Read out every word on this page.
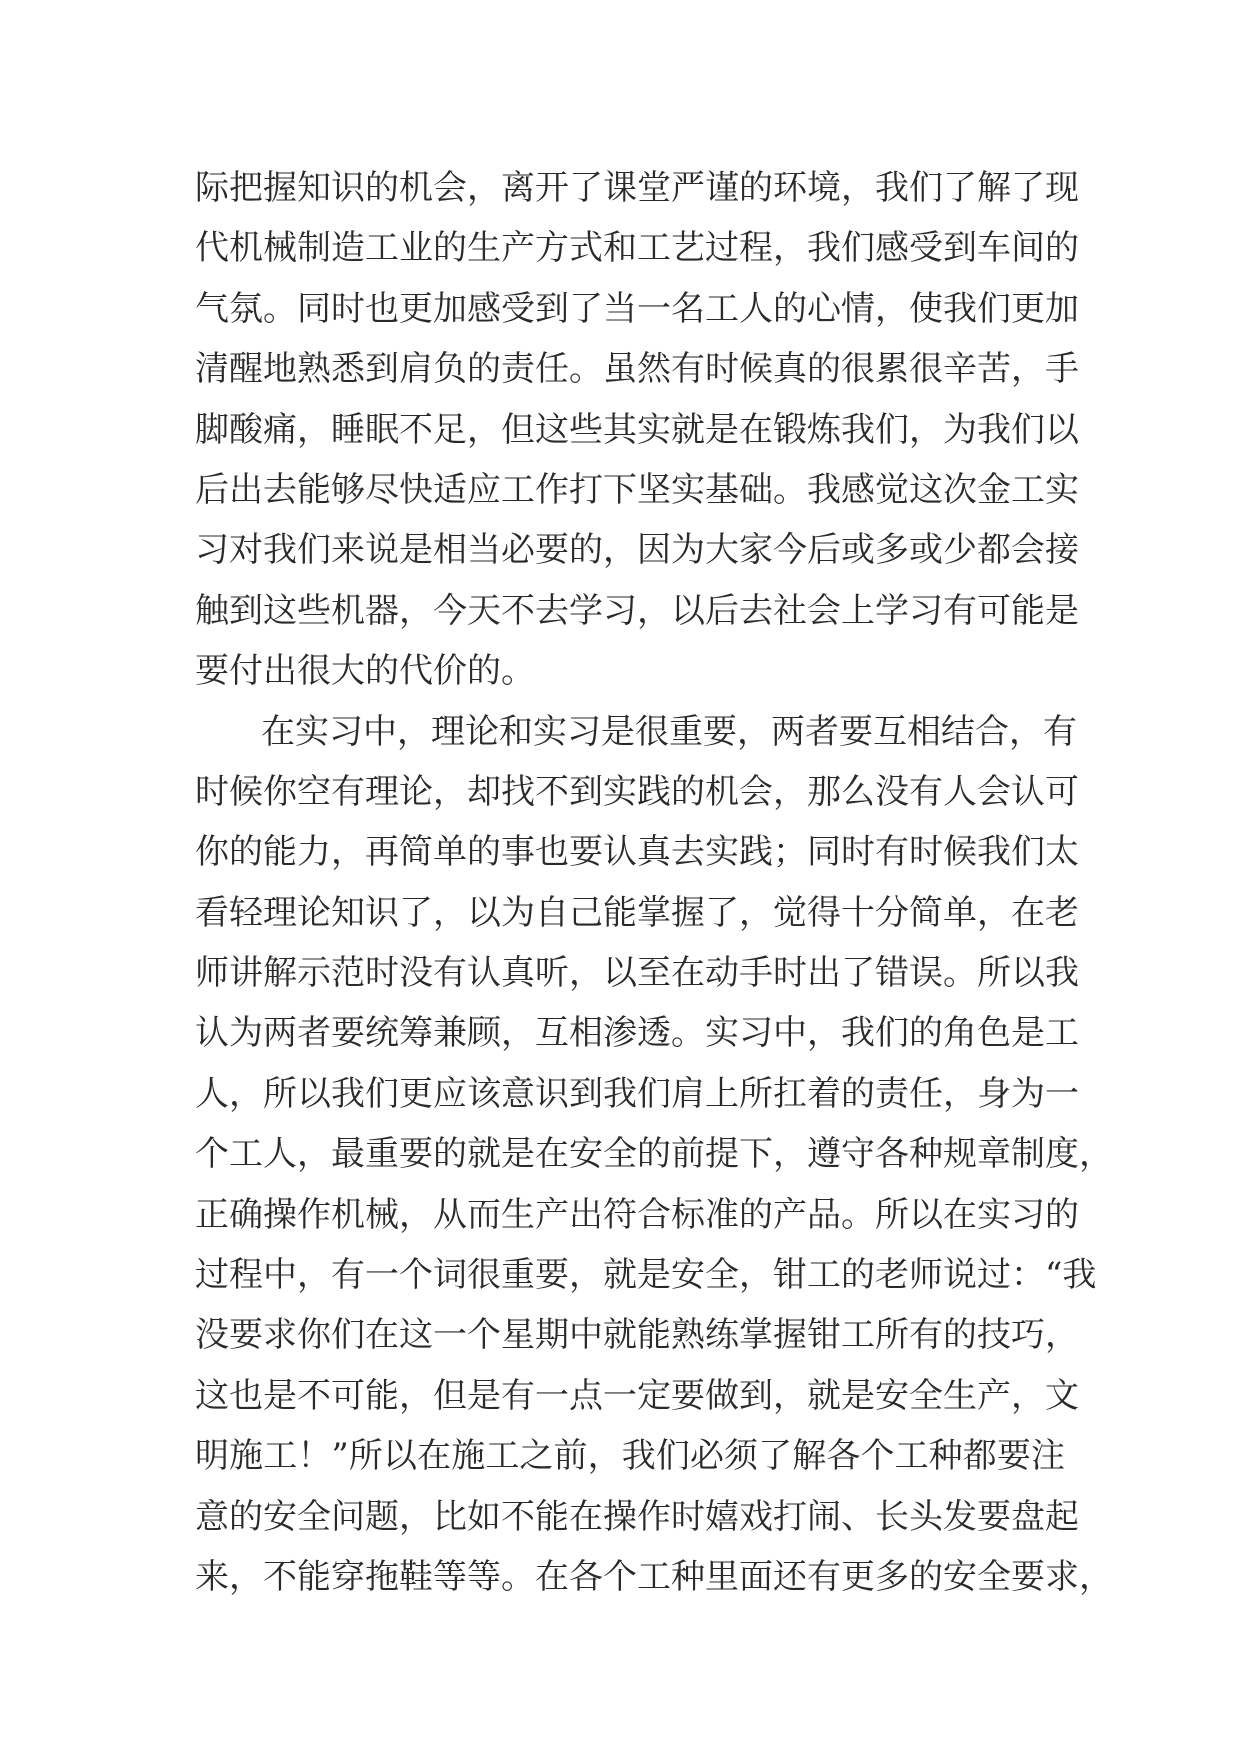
际把握知识的机会，离开了课堂严谨的环境，我们了解了现
代机械制造工业的生产方式和工艺过程，我们感受到车间的
气氛。同时也更加感受到了当一名工人的心情，使我们更加
清醒地熟悉到肩负的责任。虽然有时候真的很累很辛苦，手
脚酸痛，睡眠不足，但这些其实就是在锻炼我们，为我们以
后出去能够尽快适应工作打下坚实基础。我感觉这次金工实
习对我们来说是相当必要的，因为大家今后或多或少都会接
触到这些机器，今天不去学习，以后去社会上学习有可能是
要付出很大的代价的。
在实习中，理论和实习是很重要，两者要互相结合，有
时候你空有理论，却找不到实践的机会，那么没有人会认可
你的能力，再简单的事也要认真去实践；同时有时候我们太
看轻理论知识了，以为自己能掌握了，觉得十分简单，在老
师讲解示范时没有认真听，以至在动手时出了错误。所以我
认为两者要统筹兼顾，互相渗透。实习中，我们的角色是工
人，所以我们更应该意识到我们肩上所扛着的责任，身为一
个工人，最重要的就是在安全的前提下，遵守各种规章制度，
正确操作机械，从而生产出符合标准的产品。所以在实习的
过程中，有一个词很重要，就是安全，钳工的老师说过：“我
没要求你们在这一个星期中就能熟练掌握钳工所有的技巧，
这也是不可能，但是有一点一定要做到，就是安全生产，文
明施工！”所以在施工之前，我们必须了解各个工种都要注
意的安全问题，比如不能在操作时嬉戏打闹、长头发要盘起
来，不能穿拖鞋等等。在各个工种里面还有更多的安全要求，
